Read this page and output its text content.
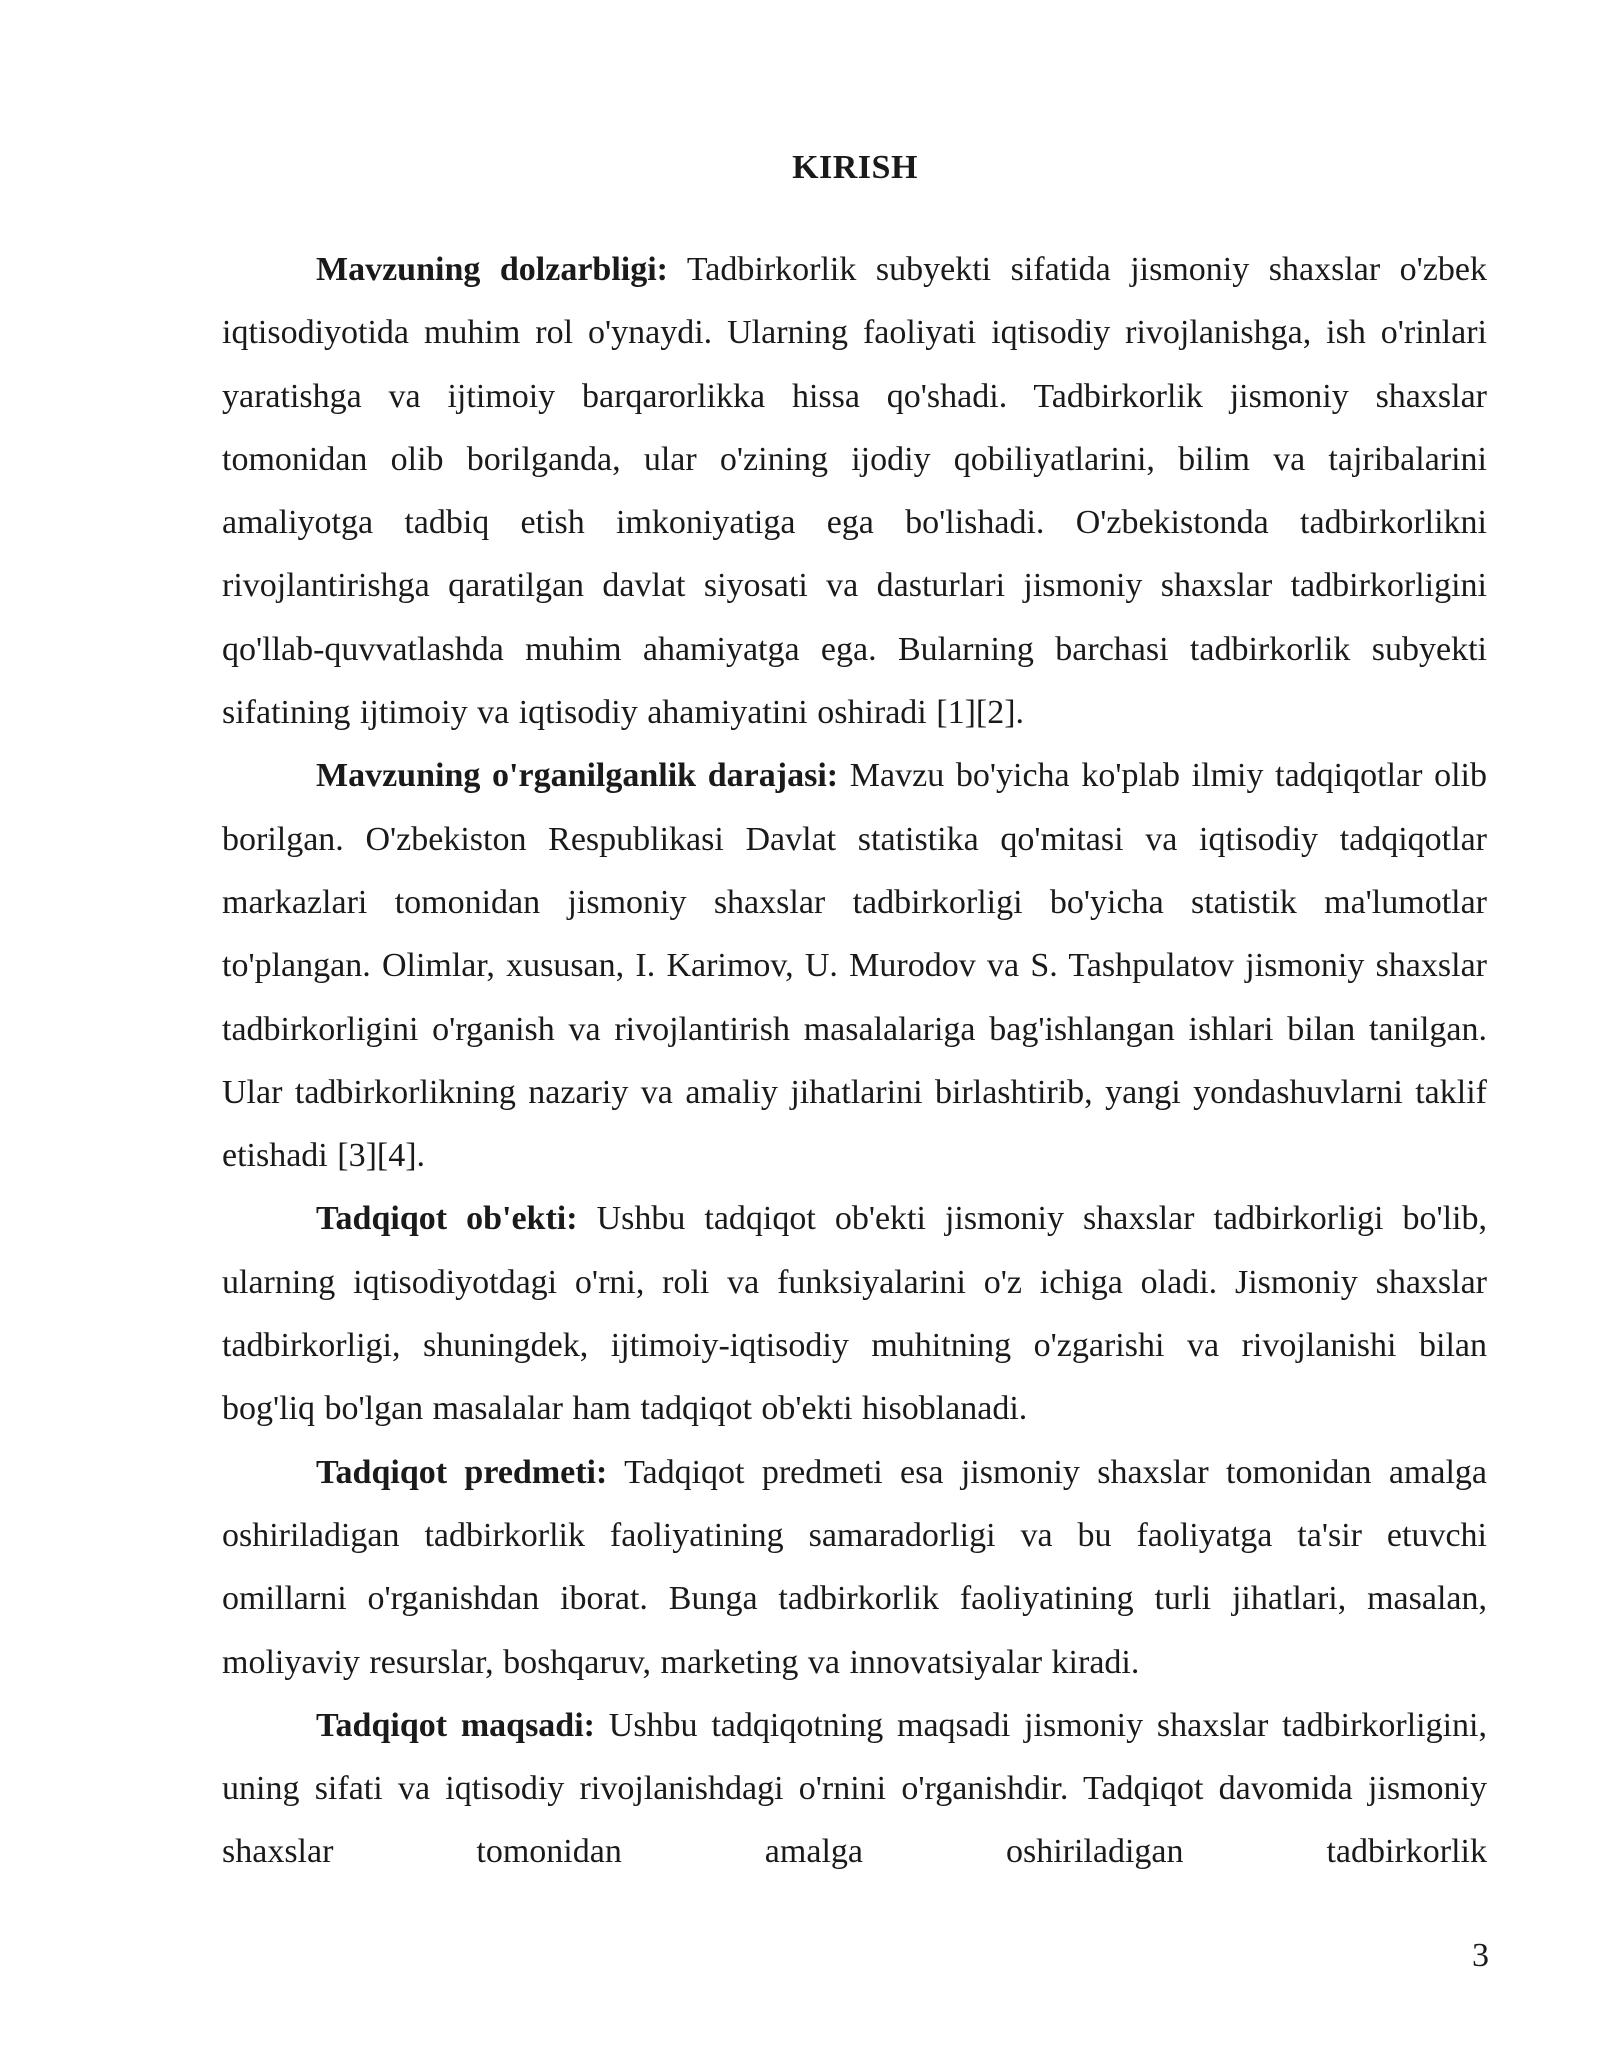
KIRISH

Mavzuning dolzarbligi: Tadbirkorlik subyekti sifatida jismoniy shaxslar o'zbek iqtisodiyotida muhim rol o'ynaydi. Ularning faoliyati iqtisodiy rivojlanishga, ish o'rinlari yaratishga va ijtimoiy barqarorlikka hissa qo'shadi. Tadbirkorlik jismoniy shaxslar tomonidan olib borilganda, ular o'zining ijodiy qobiliyatlarini, bilim va tajribalarini amaliyotga tadbiq etish imkoniyatiga ega bo'lishadi. O'zbekistonda tadbirkorlikni rivojlantirishga qaratilgan davlat siyosati va dasturlari jismoniy shaxslar tadbirkorligini qo'llab-quvvatlashda muhim ahamiyatga ega. Bularning barchasi tadbirkorlik subyekti sifatining ijtimoiy va iqtisodiy ahamiyatini oshiradi [1][2].

Mavzuning o'rganilganlik darajasi: Mavzu bo'yicha ko'plab ilmiy tadqiqotlar olib borilgan. O'zbekiston Respublikasi Davlat statistika qo'mitasi va iqtisodiy tadqiqotlar markazlari tomonidan jismoniy shaxslar tadbirkorligi bo'yicha statistik ma'lumotlar to'plangan. Olimlar, xususan, I. Karimov, U. Murodov va S. Tashpulatov jismoniy shaxslar tadbirkorligini o'rganish va rivojlantirish masalalariga bag'ishlangan ishlari bilan tanilgan. Ular tadbirkorlikning nazariy va amaliy jihatlarini birlashtirib, yangi yondashuvlarni taklif etishadi [3][4].

Tadqiqot ob'ekti: Ushbu tadqiqot ob'ekti jismoniy shaxslar tadbirkorligi bo'lib, ularning iqtisodiyotdagi o'rni, roli va funksiyalarini o'z ichiga oladi. Jismoniy shaxslar tadbirkorligi, shuningdek, ijtimoiy-iqtisodiy muhitning o'zgarishi va rivojlanishi bilan bog'liq bo'lgan masalalar ham tadqiqot ob'ekti hisoblanadi.

Tadqiqot predmeti: Tadqiqot predmeti esa jismoniy shaxslar tomonidan amalga oshiriladigan tadbirkorlik faoliyatining samaradorligi va bu faoliyatga ta'sir etuvchi omillarni o'rganishdan iborat. Bunga tadbirkorlik faoliyatining turli jihatlari, masalan, moliyaviy resurslar, boshqaruv, marketing va innovatsiyalar kiradi.

Tadqiqot maqsadi: Ushbu tadqiqotning maqsadi jismoniy shaxslar tadbirkorligini, uning sifati va iqtisodiy rivojlanishdagi o'rnini o'rganishdir. Tadqiqot davomida jismoniy shaxslar tomonidan amalga oshiriladigan tadbirkorlik

3
